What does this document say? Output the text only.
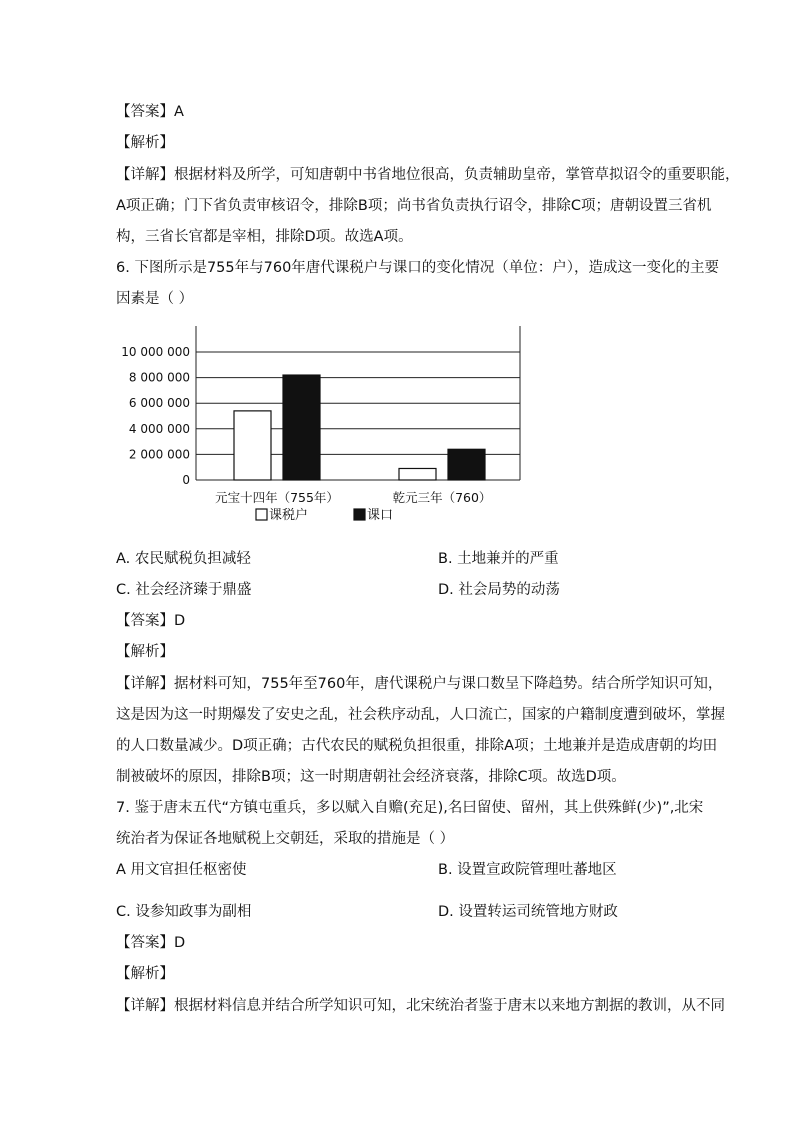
【答案】A
【解析】
【详解】根据材料及所学，可知唐朝中书省地位很高，负责辅助皇帝，掌管草拟诏令的重要职能，
A项正确；门下省负责审核诏令，排除B项；尚书省负责执行诏令，排除C项；唐朝设置三省机
构，三省长官都是宰相，排除D项。故选A项。
6. 下图所示是755年与760年唐代课税户与课口的变化情况（单位：户），造成这一变化的主要
因素是（ ）
0
2 000 000
4 000 000
6 000 000
8 000 000
10 000 000
元宝十四年（755年）	乾元三年（760）
课税户	课口
A. 农民赋税负担减轻	B. 土地兼并的严重
C. 社会经济臻于鼎盛	D. 社会局势的动荡
【答案】D
【解析】
【详解】据材料可知，755年至760年，唐代课税户与课口数呈下降趋势。结合所学知识可知，
这是因为这一时期爆发了安史之乱，社会秩序动乱，人口流亡，国家的户籍制度遭到破坏，掌握
的人口数量减少。D项正确；古代农民的赋税负担很重，排除A项；土地兼并是造成唐朝的均田
制被破坏的原因，排除B项；这一时期唐朝社会经济衰落，排除C项。故选D项。
7. 鉴于唐末五代“方镇屯重兵，多以赋入自赡(充足),名曰留使、留州，其上供殊鲜(少)”,北宋
统治者为保证各地赋税上交朝廷，采取的措施是（ ）
A 用文官担任枢密使	B. 设置宣政院管理吐蕃地区
C. 设参知政事为副相	D. 设置转运司统管地方财政
【答案】D
【解析】
【详解】根据材料信息并结合所学知识可知，北宋统治者鉴于唐末以来地方割据的教训，从不同
